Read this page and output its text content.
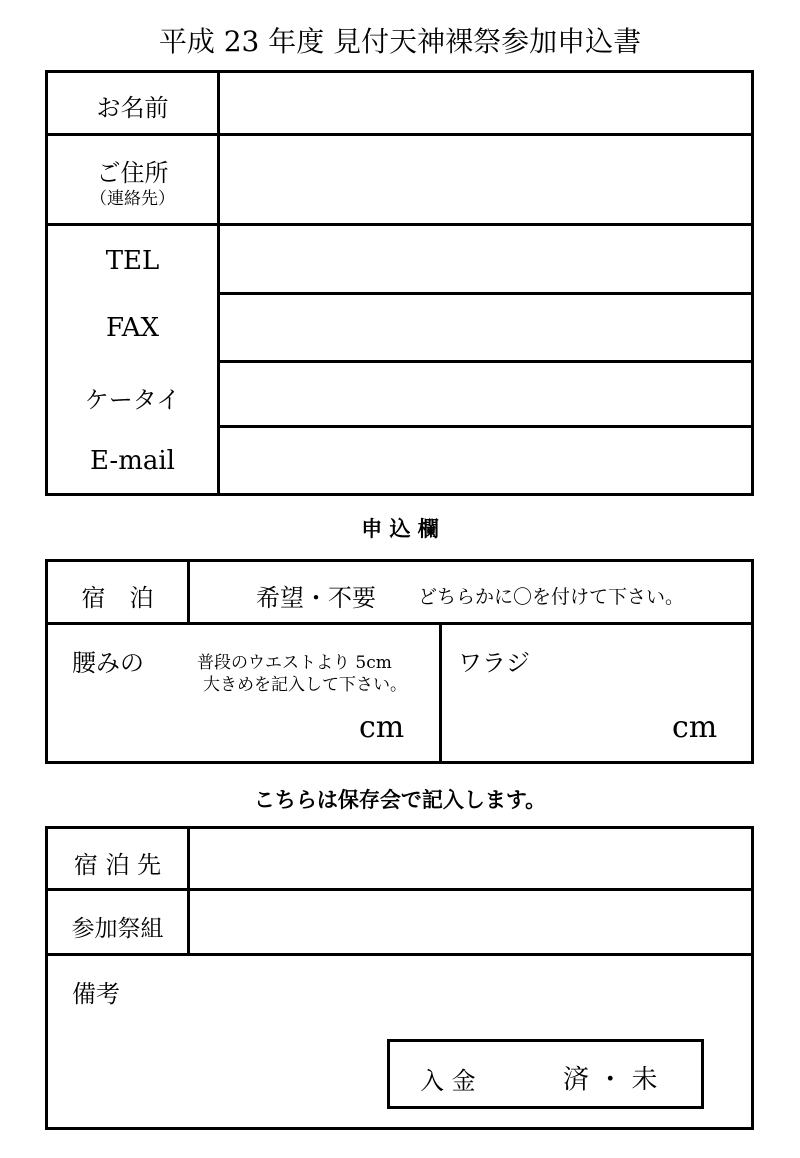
平成 23 年度 見付天神裸祭参加申込書
お名前
ご住所
（連絡先）
TEL
FAX
ケータイ
E-mail
申 込 欄
宿　泊	希望・不要 どちらかに〇を付けて下さい。
腰みの	普段のウエストより 5cm
大きめを記入して下さい。
cm
ワラジ
cm
こちらは保存会で記入します。
宿 泊 先
参加祭組
備考
入 金	済 ・ 未
